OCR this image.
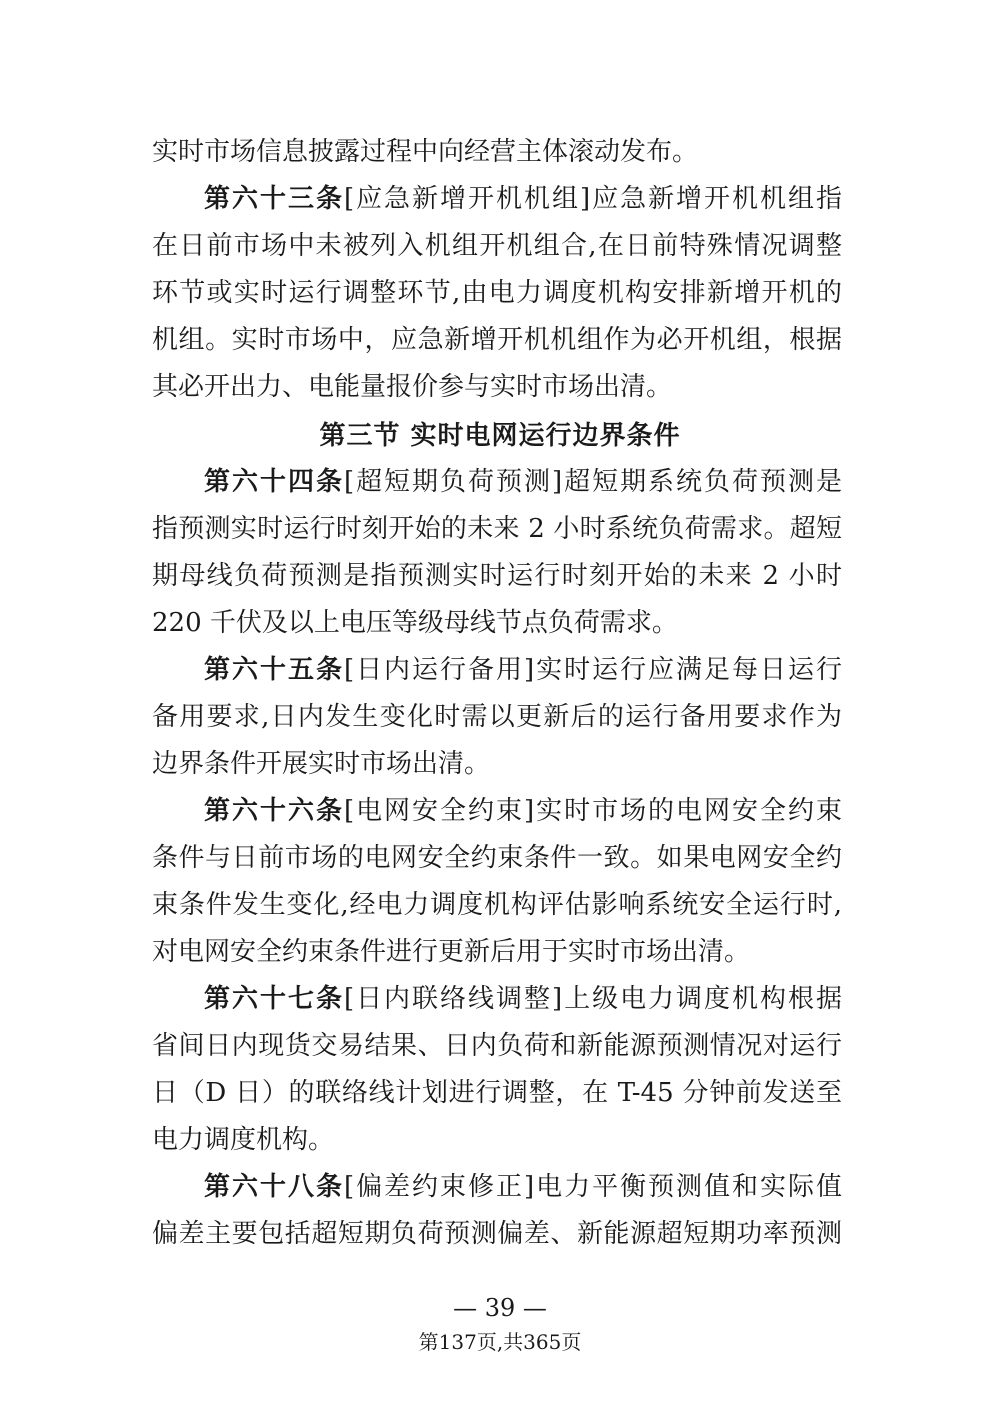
实时市场信息披露过程中向经营主体滚动发布。
第六十三条[应急新增开机机组]应急新增开机机组指
在日前市场中未被列入机组开机组合,在日前特殊情况调整
环节或实时运行调整环节,由电力调度机构安排新增开机的
机组。实时市场中，应急新增开机机组作为必开机组，根据
其必开出力、电能量报价参与实时市场出清。
第三节 实时电网运行边界条件
第六十四条[超短期负荷预测]超短期系统负荷预测是
指预测实时运行时刻开始的未来 2 小时系统负荷需求。超短
期母线负荷预测是指预测实时运行时刻开始的未来 2 小时
220 千伏及以上电压等级母线节点负荷需求。
第六十五条[日内运行备用]实时运行应满足每日运行
备用要求,日内发生变化时需以更新后的运行备用要求作为
边界条件开展实时市场出清。
第六十六条[电网安全约束]实时市场的电网安全约束
条件与日前市场的电网安全约束条件一致。如果电网安全约
束条件发生变化,经电力调度机构评估影响系统安全运行时,
对电网安全约束条件进行更新后用于实时市场出清。
第六十七条[日内联络线调整]上级电力调度机构根据
省间日内现货交易结果、日内负荷和新能源预测情况对运行
日（D 日）的联络线计划进行调整，在 T-45 分钟前发送至
电力调度机构。
第六十八条[偏差约束修正]电力平衡预测值和实际值
偏差主要包括超短期负荷预测偏差、新能源超短期功率预测
— 39 —
第137页,共365页
